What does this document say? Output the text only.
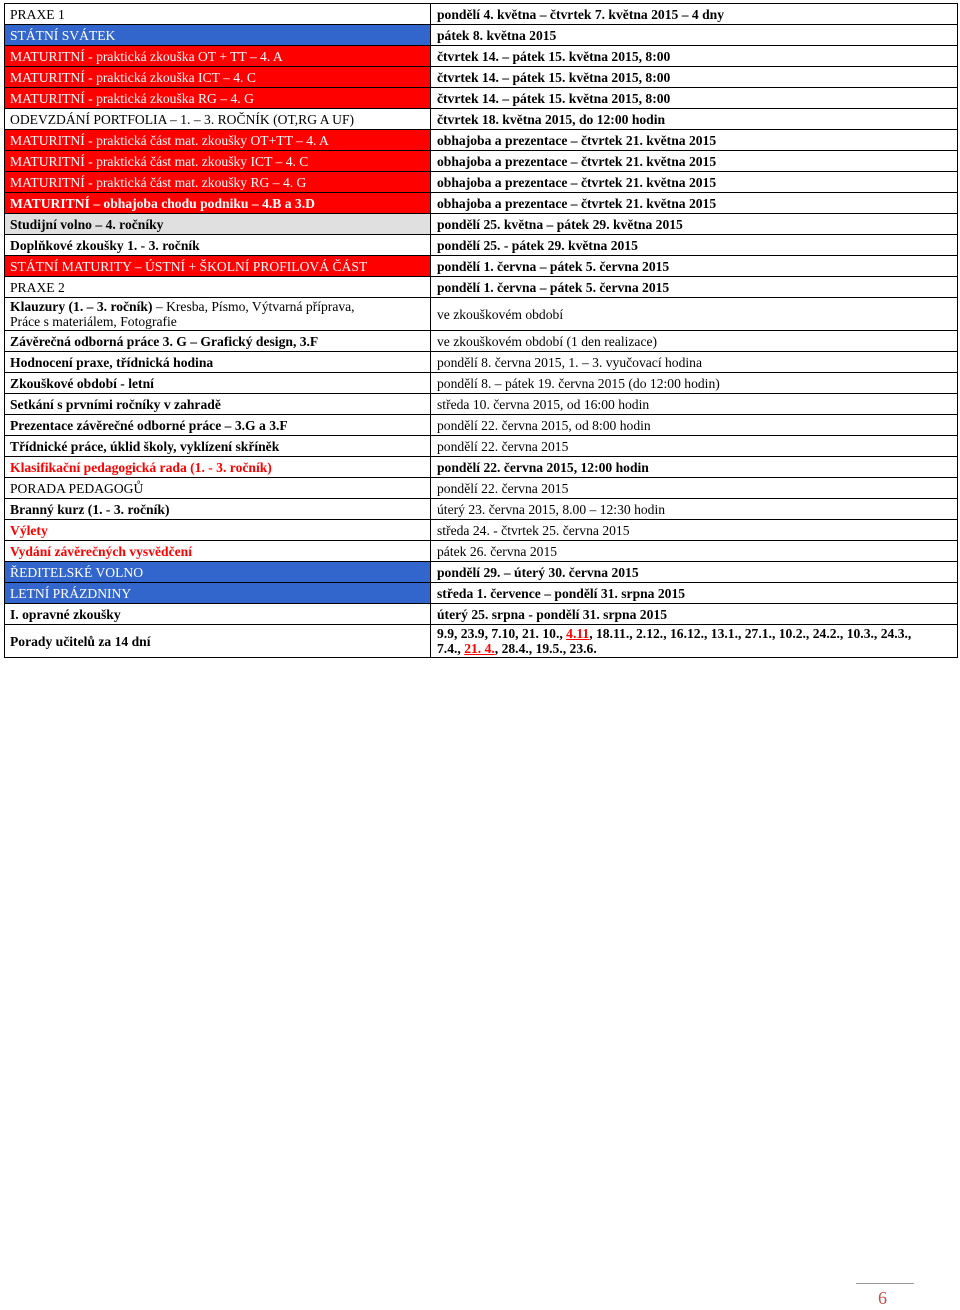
PRAXE 1	pondělí 4. května – čtvrtek 7. května 2015 – 4 dny
STÁTNÍ SVÁTEK	pátek 8. května 2015
MATURITNÍ - praktická zkouška OT + TT – 4. A	čtvrtek 14. – pátek 15. května 2015, 8:00
MATURITNÍ - praktická zkouška ICT – 4. C	čtvrtek 14. – pátek 15. května 2015, 8:00
MATURITNÍ - praktická zkouška RG – 4. G	čtvrtek 14. – pátek 15. května 2015, 8:00
ODEVZDÁNÍ PORTFOLIA – 1. – 3. ROČNÍK (OT,RG A UF)	čtvrtek 18. května 2015, do 12:00 hodin
MATURITNÍ - praktická část mat. zkoušky OT+TT – 4. A	obhajoba a prezentace – čtvrtek 21. května 2015
MATURITNÍ - praktická část mat. zkoušky ICT – 4. C	obhajoba a prezentace – čtvrtek 21. května 2015
MATURITNÍ - praktická část mat. zkoušky RG – 4. G	obhajoba a prezentace – čtvrtek 21. května 2015
MATURITNÍ – obhajoba chodu podniku – 4.B a 3.D	obhajoba a prezentace – čtvrtek 21. května 2015
Studijní volno – 4. ročníky	pondělí 25. května – pátek 29. května 2015
Doplňkové zkoušky 1. - 3. ročník	pondělí 25. - pátek 29. května 2015
STÁTNÍ MATURITY – ÚSTNÍ + ŠKOLNÍ PROFILOVÁ ČÁST	pondělí 1. června – pátek 5. června 2015
PRAXE 2	pondělí 1. června – pátek 5. června 2015
Klauzury (1. – 3. ročník) – Kresba, Písmo, Výtvarná příprava,
Práce s materiálem, Fotografie	ve zkouškovém období
Závěrečná odborná práce 3. G – Grafický design, 3.F	ve zkouškovém období (1 den realizace)
Hodnocení praxe, třídnická hodina	pondělí 8. června 2015, 1. – 3. vyučovací hodina
Zkouškové období - letní	pondělí 8. – pátek 19. června 2015 (do 12:00 hodin)
Setkání s prvními ročníky v zahradě	středa 10. června 2015, od 16:00 hodin
Prezentace závěrečné odborné práce – 3.G a 3.F	pondělí 22. června 2015, od 8:00 hodin
Třídnické práce, úklid školy, vyklízení skříněk	pondělí 22. června 2015
Klasifikační pedagogická rada (1. - 3. ročník)	pondělí 22. června 2015, 12:00 hodin
PORADA PEDAGOGŮ	pondělí 22. června 2015
Branný kurz (1. - 3. ročník)	úterý 23. června 2015, 8.00 – 12:30 hodin
Výlety	středa 24. - čtvrtek 25. června 2015
Vydání závěrečných vysvědčení	pátek 26. června 2015
ŘEDITELSKÉ VOLNO	pondělí 29. – úterý 30. června 2015
LETNÍ PRÁZDNINY	středa 1. července – pondělí 31. srpna 2015
I. opravné zkoušky	úterý 25. srpna - pondělí 31. srpna 2015
Porady učitelů za 14 dní	9.9, 23.9, 7.10, 21. 10., 4.11, 18.11., 2.12., 16.12., 13.1., 27.1., 10.2., 24.2., 10.3., 24.3.,
7.4., 21. 4., 28.4., 19.5., 23.6.
6
